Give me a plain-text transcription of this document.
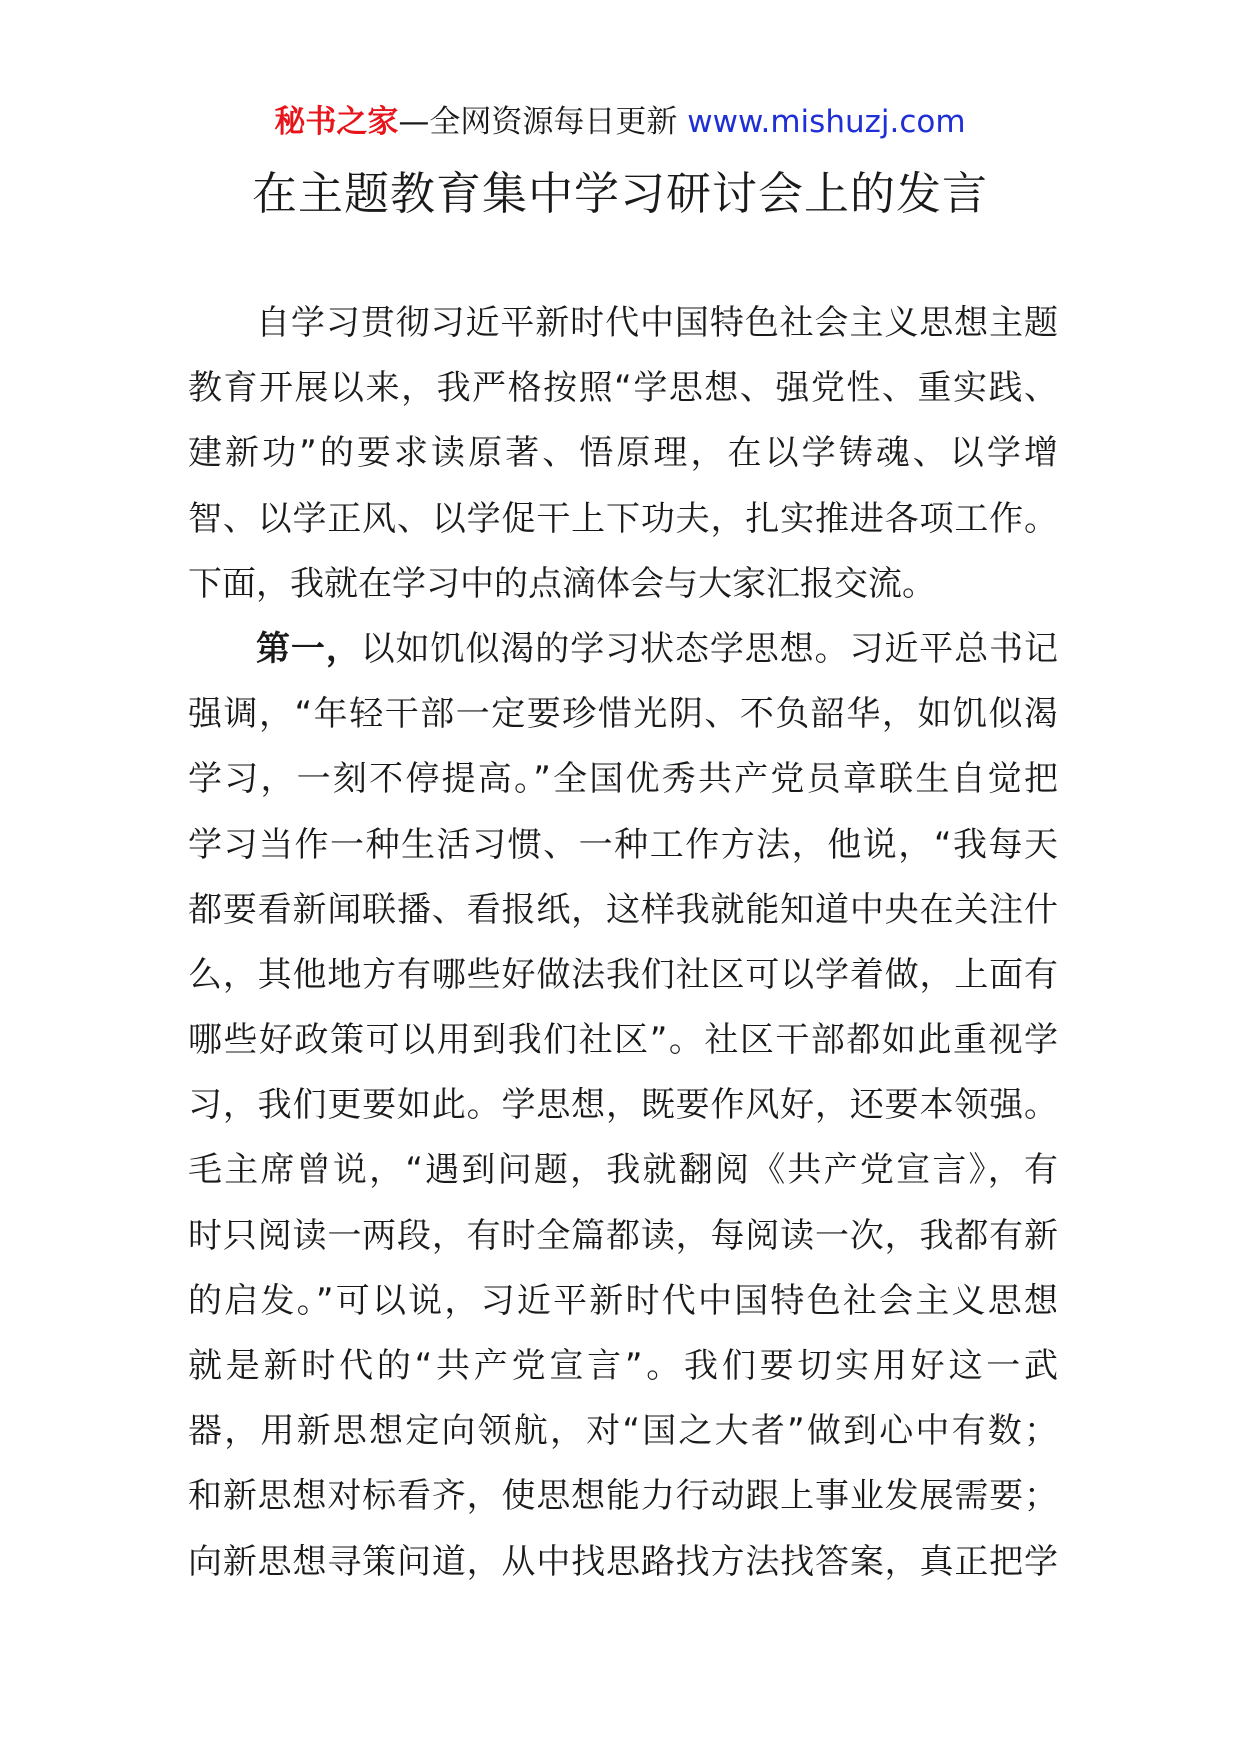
秘书之家—全网资源每日更新 www.mishuzj.com
在主题教育集中学习研讨会上的发言
自学习贯彻习近平新时代中国特色社会主义思想主题
教育开展以来，我严格按照“学思想、强党性、重实践、
建新功”的要求读原著、悟原理，在以学铸魂、以学增
智、以学正风、以学促干上下功夫，扎实推进各项工作。
下面，我就在学习中的点滴体会与大家汇报交流。
第一，以如饥似渴的学习状态学思想。习近平总书记
强调，“年轻干部一定要珍惜光阴、不负韶华，如饥似渴
学习，一刻不停提高。”全国优秀共产党员章联生自觉把
学习当作一种生活习惯、一种工作方法，他说，“我每天
都要看新闻联播、看报纸，这样我就能知道中央在关注什
么，其他地方有哪些好做法我们社区可以学着做，上面有
哪些好政策可以用到我们社区”。社区干部都如此重视学
习，我们更要如此。学思想，既要作风好，还要本领强。
毛主席曾说，“遇到问题，我就翻阅《共产党宣言》，有
时只阅读一两段，有时全篇都读，每阅读一次，我都有新
的启发。”可以说，习近平新时代中国特色社会主义思想
就是新时代的“共产党宣言”。我们要切实用好这一武
器，用新思想定向领航，对“国之大者”做到心中有数；
和新思想对标看齐，使思想能力行动跟上事业发展需要；
向新思想寻策问道，从中找思路找方法找答案，真正把学
